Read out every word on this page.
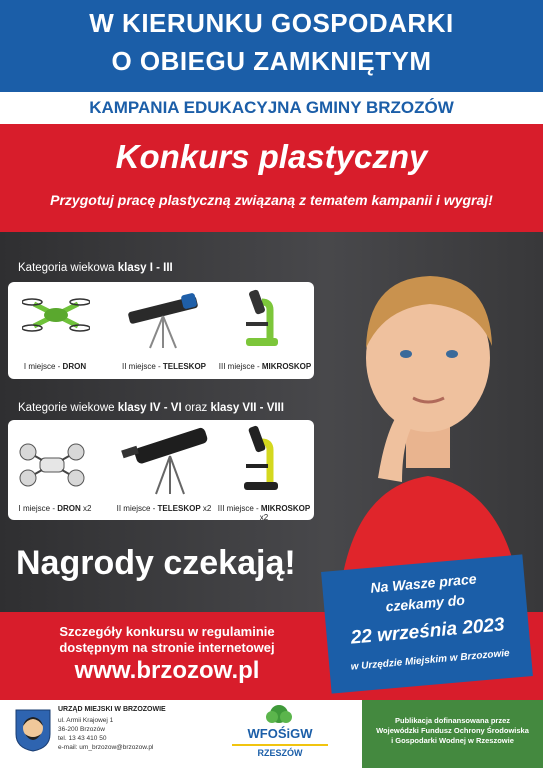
W KIERUNKU GOSPODARKI
O OBIEGU ZAMKNIĘTYM
KAMPANIA EDUKACYJNA GMINY BRZOZÓW
Konkurs plastyczny
Przygotuj pracę plastyczną związaną z tematem kampanii i wygraj!
Kategoria wiekowa klasy I - III
I miejsce - DRON	II miejsce - TELESKOP	III miejsce - MIKROSKOP
Kategorie wiekowe klasy IV - VI oraz klasy VII - VIII
I miejsce - DRON x2	II miejsce - TELESKOP x2 III miejsce - MIKROSKOP x2
Nagrody czekają!
Szczegóły konkursu w regulaminie
dostępnym na stronie internetowej
www.brzozow.pl
Na Wasze prace
czekamy do
22 września 2023
w Urzędzie Miejskim w Brzozowie
URZĄD MIEJSKI W BRZOZOWIE
ul. Armii Krajowej 1
36-200 Brzozów
tel. 13 43 410 50
e-mail: um_brzozow@brzozow.pl
WFOŚiGW
RZESZÓW
Publikacja dofinansowana przez
Wojewódzki Fundusz Ochrony Środowiska
i Gospodarki Wodnej w Rzeszowie
